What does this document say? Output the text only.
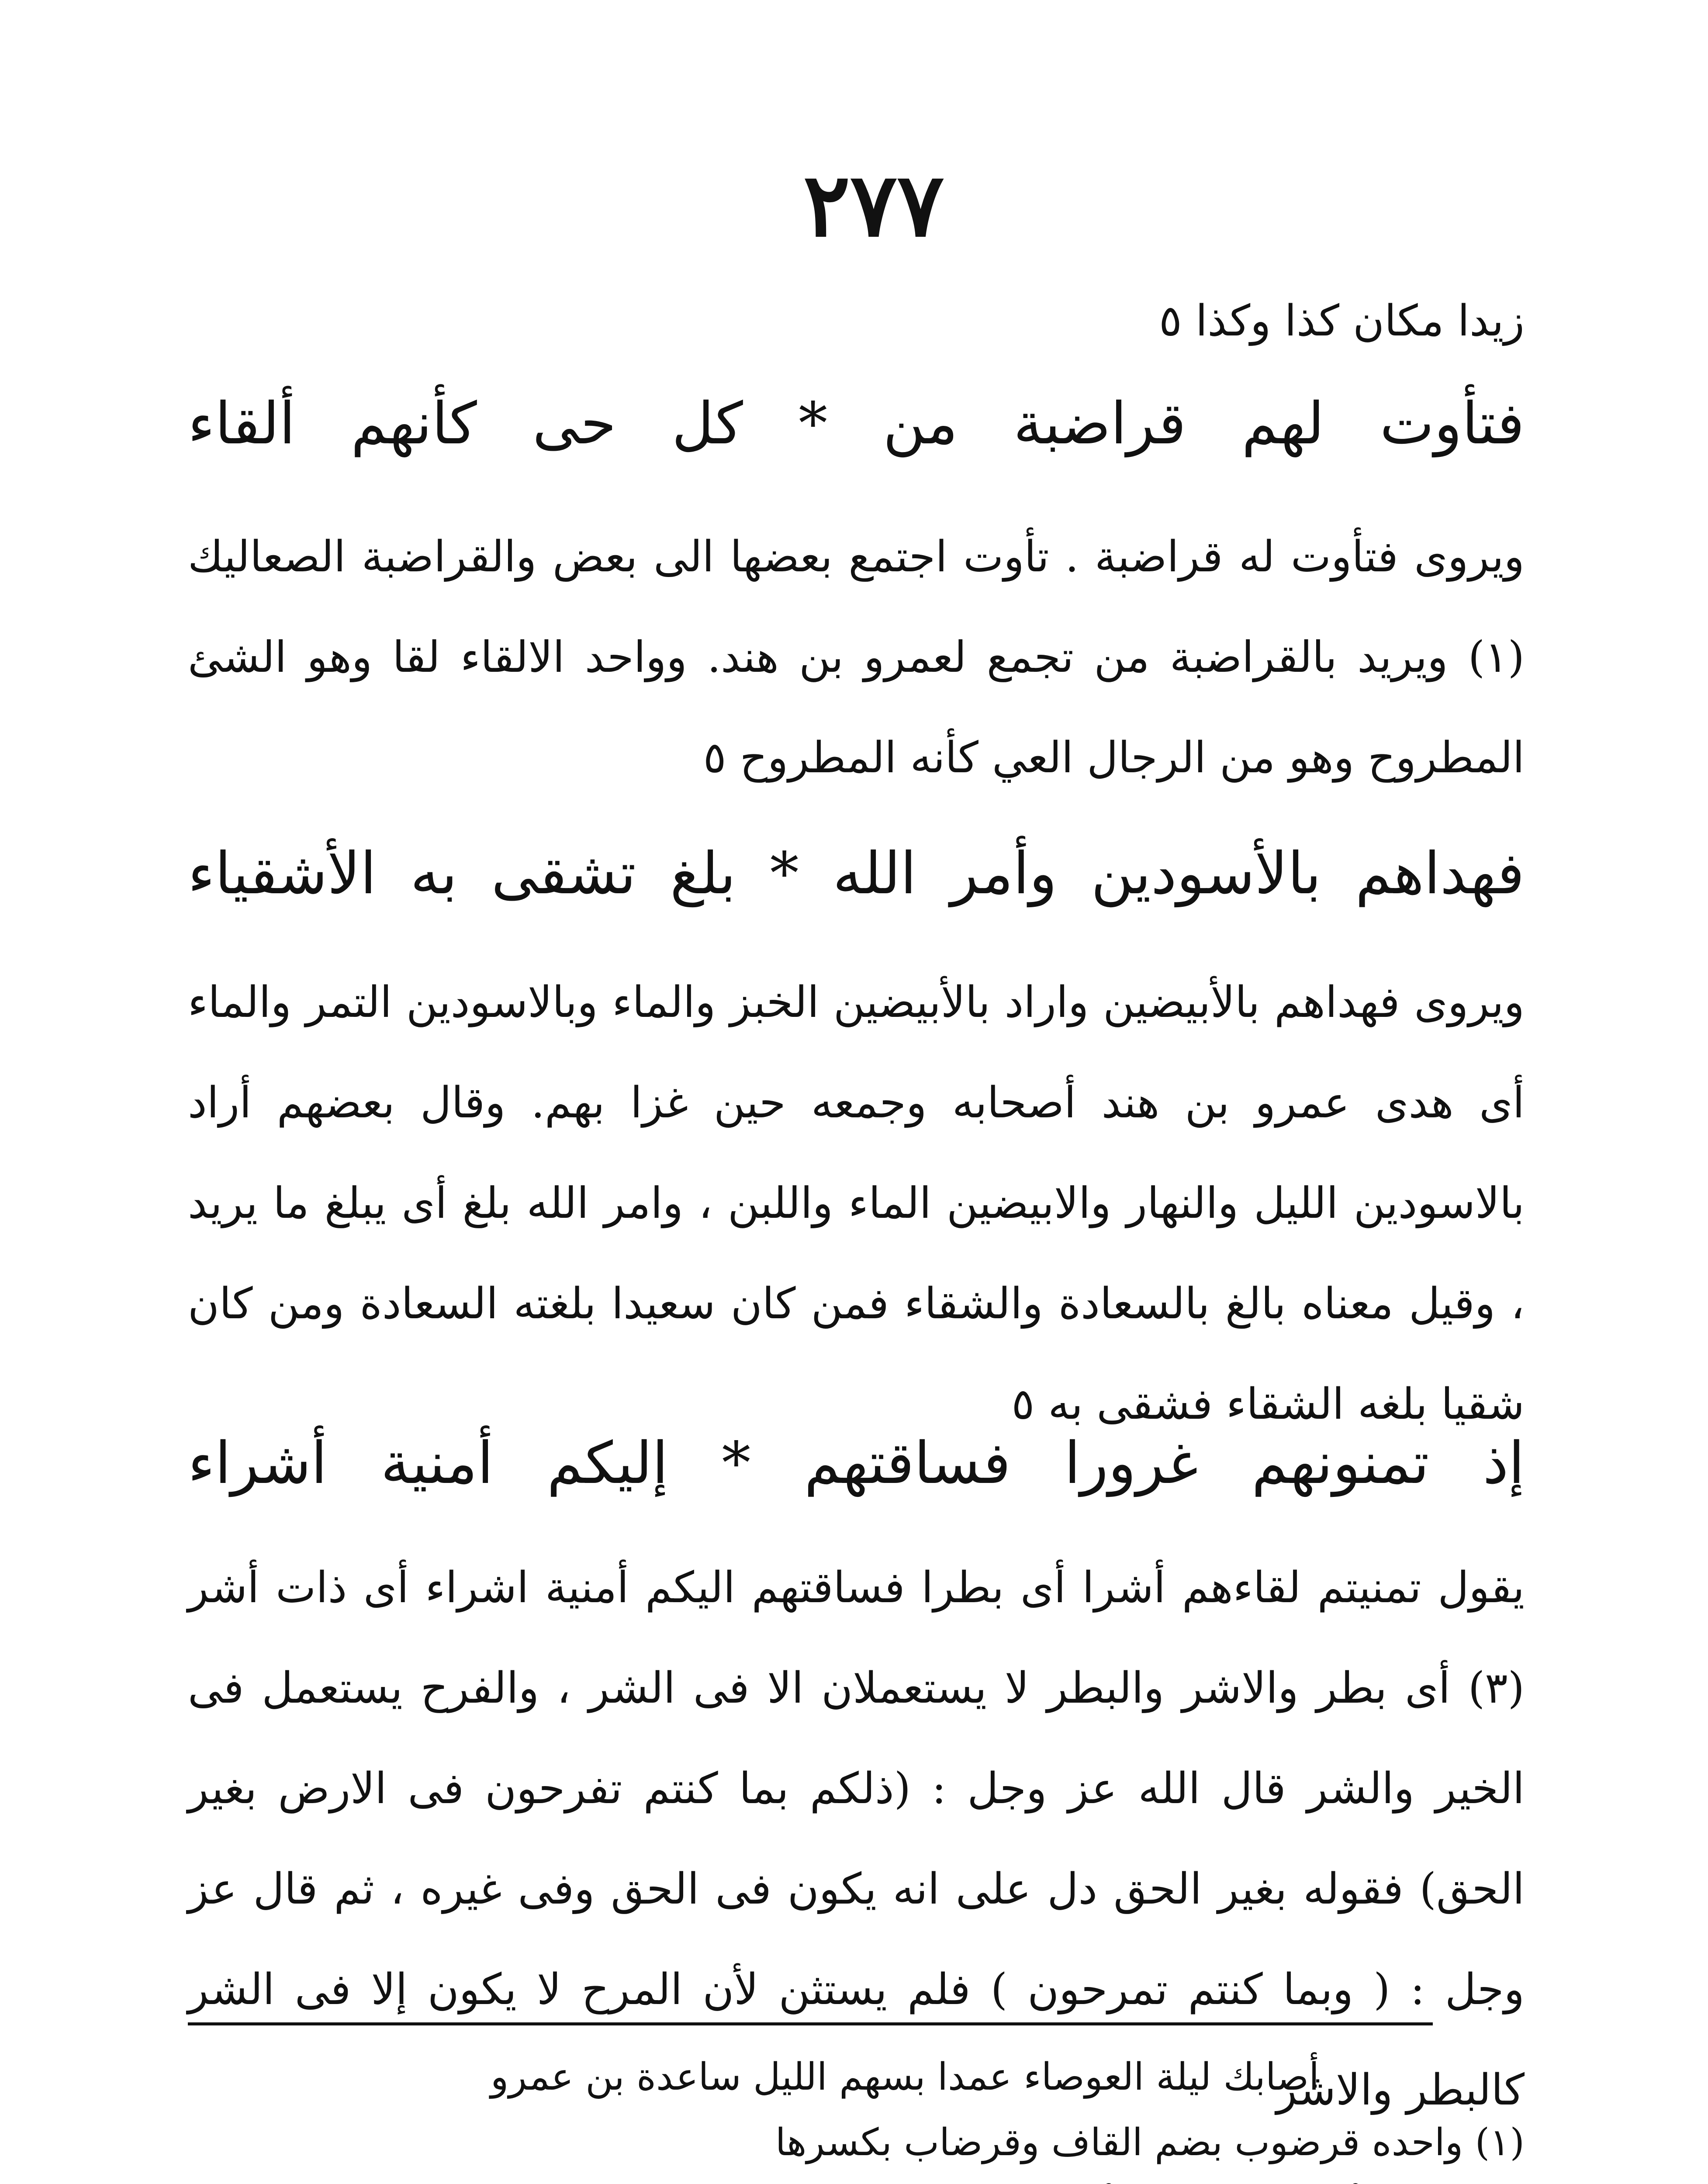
٢٧٧
زيدا مكان كذا وكذا ٥
فتأوت لهم قراضبة من * كل حى كأنهم ألقاء
ويروى فتأوت له قراضبة . تأوت اجتمع بعضها الى بعض والقراضبة الصعاليك (١) ويريد بالقراضبة من تجمع لعمرو بن هند. وواحد الالقاء لقا وهو الشئ المطروح وهو من الرجال العي كأنه المطروح ٥
فهداهم بالأسودين وأمر الله * بلغ تشقى به الأشقياء
ويروى فهداهم بالأبيضين واراد بالأبيضين الخبز والماء وبالاسودين التمر والماء أى هدى عمرو بن هند أصحابه وجمعه حين غزا بهم. وقال بعضهم أراد بالاسودين الليل والنهار والابيضين الماء واللبن ، وامر الله بلغ أى يبلغ ما يريد ، وقيل معناه بالغ بالسعادة والشقاء فمن كان سعيدا بلغته السعادة ومن كان شقيا بلغه الشقاء فشقى به ٥
إذ تمنونهم غرورا فساقتهم * إليكم أمنية أشراء
يقول تمنيتم لقاءهم أشرا أى بطرا فساقتهم اليكم أمنية اشراء أى ذات أشر (٣) أى بطر والاشر والبطر لا يستعملان الا فى الشر ، والفرح يستعمل فى الخير والشر قال الله عز وجل : (ذلكم بما كنتم تفرحون فى الارض بغير الحق) فقوله بغير الحق دل على انه يكون فى الحق وفى غيره ، ثم قال عز وجل : ( وبما كنتم تمرحون ) فلم يستثن لأن المرح لا يكون إلا فى الشر كالبطر والاشر
أصابك ليلة العوصاء عمدا بسهم الليل ساعدة بن عمرو
(١) واحده قرضوب بضم القاف وقرضاب بكسرها
